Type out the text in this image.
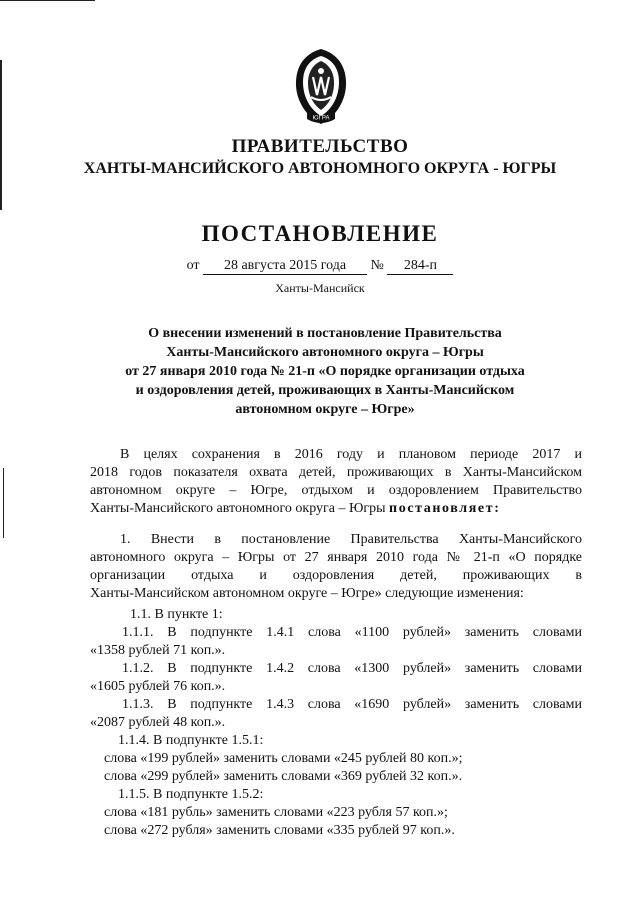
ЮГРА
ПРАВИТЕЛЬСТВО
ХАНТЫ-МАНСИЙСКОГО АВТОНОМНОГО ОКРУГА - ЮГРЫ
ПОСТАНОВЛЕНИЕ
от 28 августа 2015 года № 284-п
Ханты-Мансийск
О внесении изменений в постановление Правительства
Ханты-Мансийского автономного округа – Югры
от 27 января 2010 года № 21-п «О порядке организации отдыха
и оздоровления детей, проживающих в Ханты-Мансийском
автономном округе – Югре»
В целях сохранения в 2016 году и плановом периоде 2017 и
2018 годов показателя охвата детей, проживающих в Ханты-Мансийском
автономном округе – Югре, отдыхом и оздоровлением Правительство
Ханты-Мансийского автономного округа – Югры постановляет:
1. Внести в постановление Правительства Ханты-Мансийского
автономного округа – Югры от 27 января 2010 года № 21-п «О порядке
организации отдыха и оздоровления детей, проживающих в
Ханты-Мансийском автономном округе – Югре» следующие изменения:
1.1. В пункте 1:
1.1.1. В подпункте 1.4.1 слова «1100 рублей» заменить словами
«1358 рублей 71 коп.».
1.1.2. В подпункте 1.4.2 слова «1300 рублей» заменить словами
«1605 рублей 76 коп.».
1.1.3. В подпункте 1.4.3 слова «1690 рублей» заменить словами
«2087 рублей 48 коп.».
1.1.4. В подпункте 1.5.1:
слова «199 рублей» заменить словами «245 рублей 80 коп.»;
слова «299 рублей» заменить словами «369 рублей 32 коп.».
1.1.5. В подпункте 1.5.2:
слова «181 рубль» заменить словами «223 рубля 57 коп.»;
слова «272 рубля» заменить словами «335 рублей 97 коп.».
